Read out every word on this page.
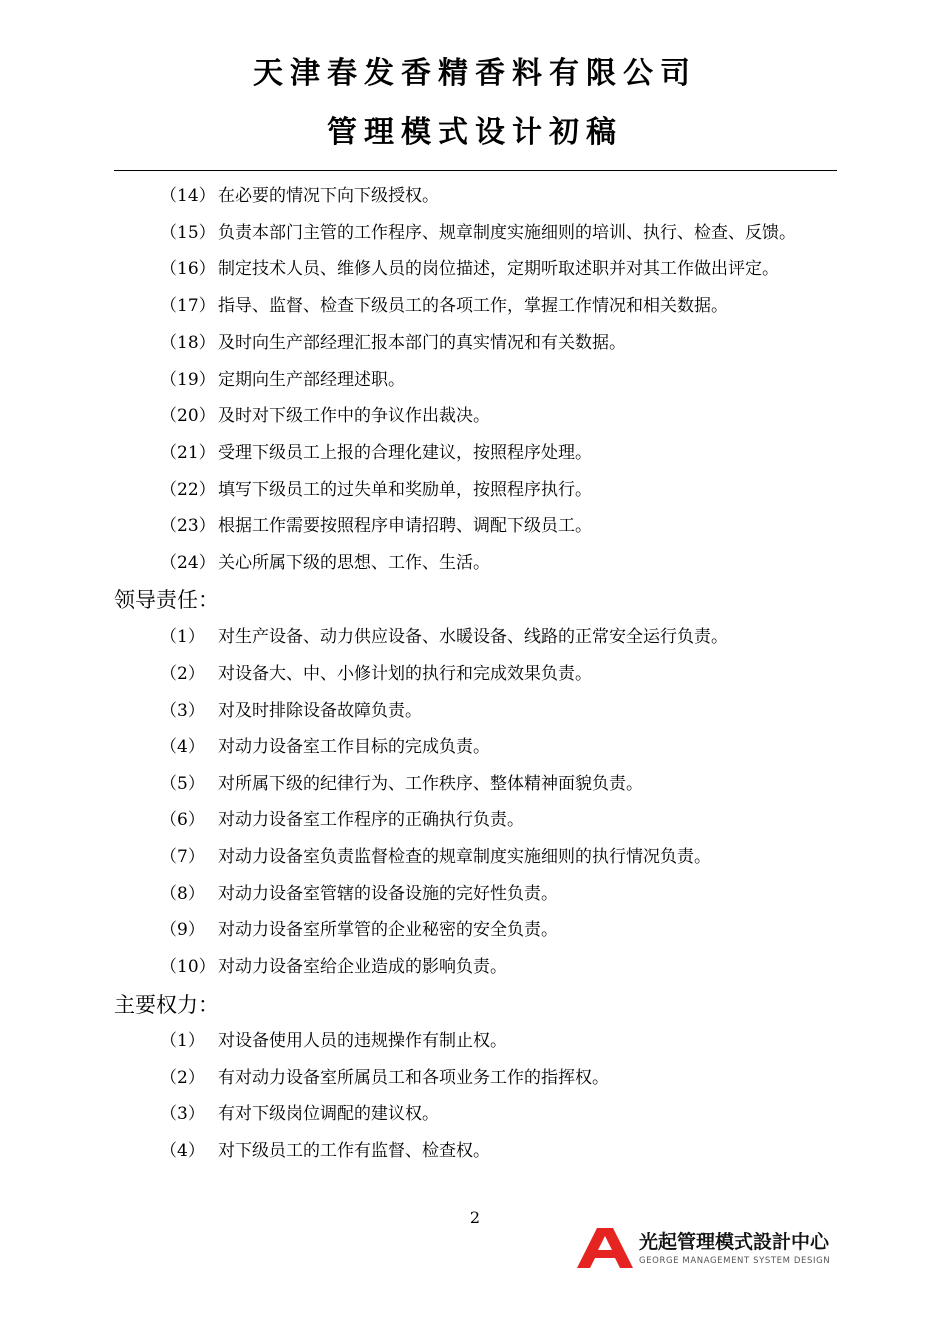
天津春发香精香料有限公司
管理模式设计初稿
（14） 在必要的情况下向下级授权。
（15） 负责本部门主管的工作程序、规章制度实施细则的培训、执行、检查、反馈。
（16） 制定技术人员、维修人员的岗位描述，定期听取述职并对其工作做出评定。
（17） 指导、监督、检查下级员工的各项工作，掌握工作情况和相关数据。
（18） 及时向生产部经理汇报本部门的真实情况和有关数据。
（19） 定期向生产部经理述职。
（20） 及时对下级工作中的争议作出裁决。
（21） 受理下级员工上报的合理化建议，按照程序处理。
（22） 填写下级员工的过失单和奖励单，按照程序执行。
（23） 根据工作需要按照程序申请招聘、调配下级员工。
（24） 关心所属下级的思想、工作、生活。
领导责任：
（1） 对生产设备、动力供应设备、水暖设备、线路的正常安全运行负责。
（2） 对设备大、中、小修计划的执行和完成效果负责。
（3） 对及时排除设备故障负责。
（4） 对动力设备室工作目标的完成负责。
（5） 对所属下级的纪律行为、工作秩序、整体精神面貌负责。
（6） 对动力设备室工作程序的正确执行负责。
（7） 对动力设备室负责监督检查的规章制度实施细则的执行情况负责。
（8） 对动力设备室管辖的设备设施的完好性负责。
（9） 对动力设备室所掌管的企业秘密的安全负责。
（10） 对动力设备室给企业造成的影响负责。
主要权力：
（1） 对设备使用人员的违规操作有制止权。
（2） 有对动力设备室所属员工和各项业务工作的指挥权。
（3） 有对下级岗位调配的建议权。
（4） 对下级员工的工作有监督、检查权。
2
光起管理模式設計中心
GEORGE MANAGEMENT SYSTEM DESIGN
